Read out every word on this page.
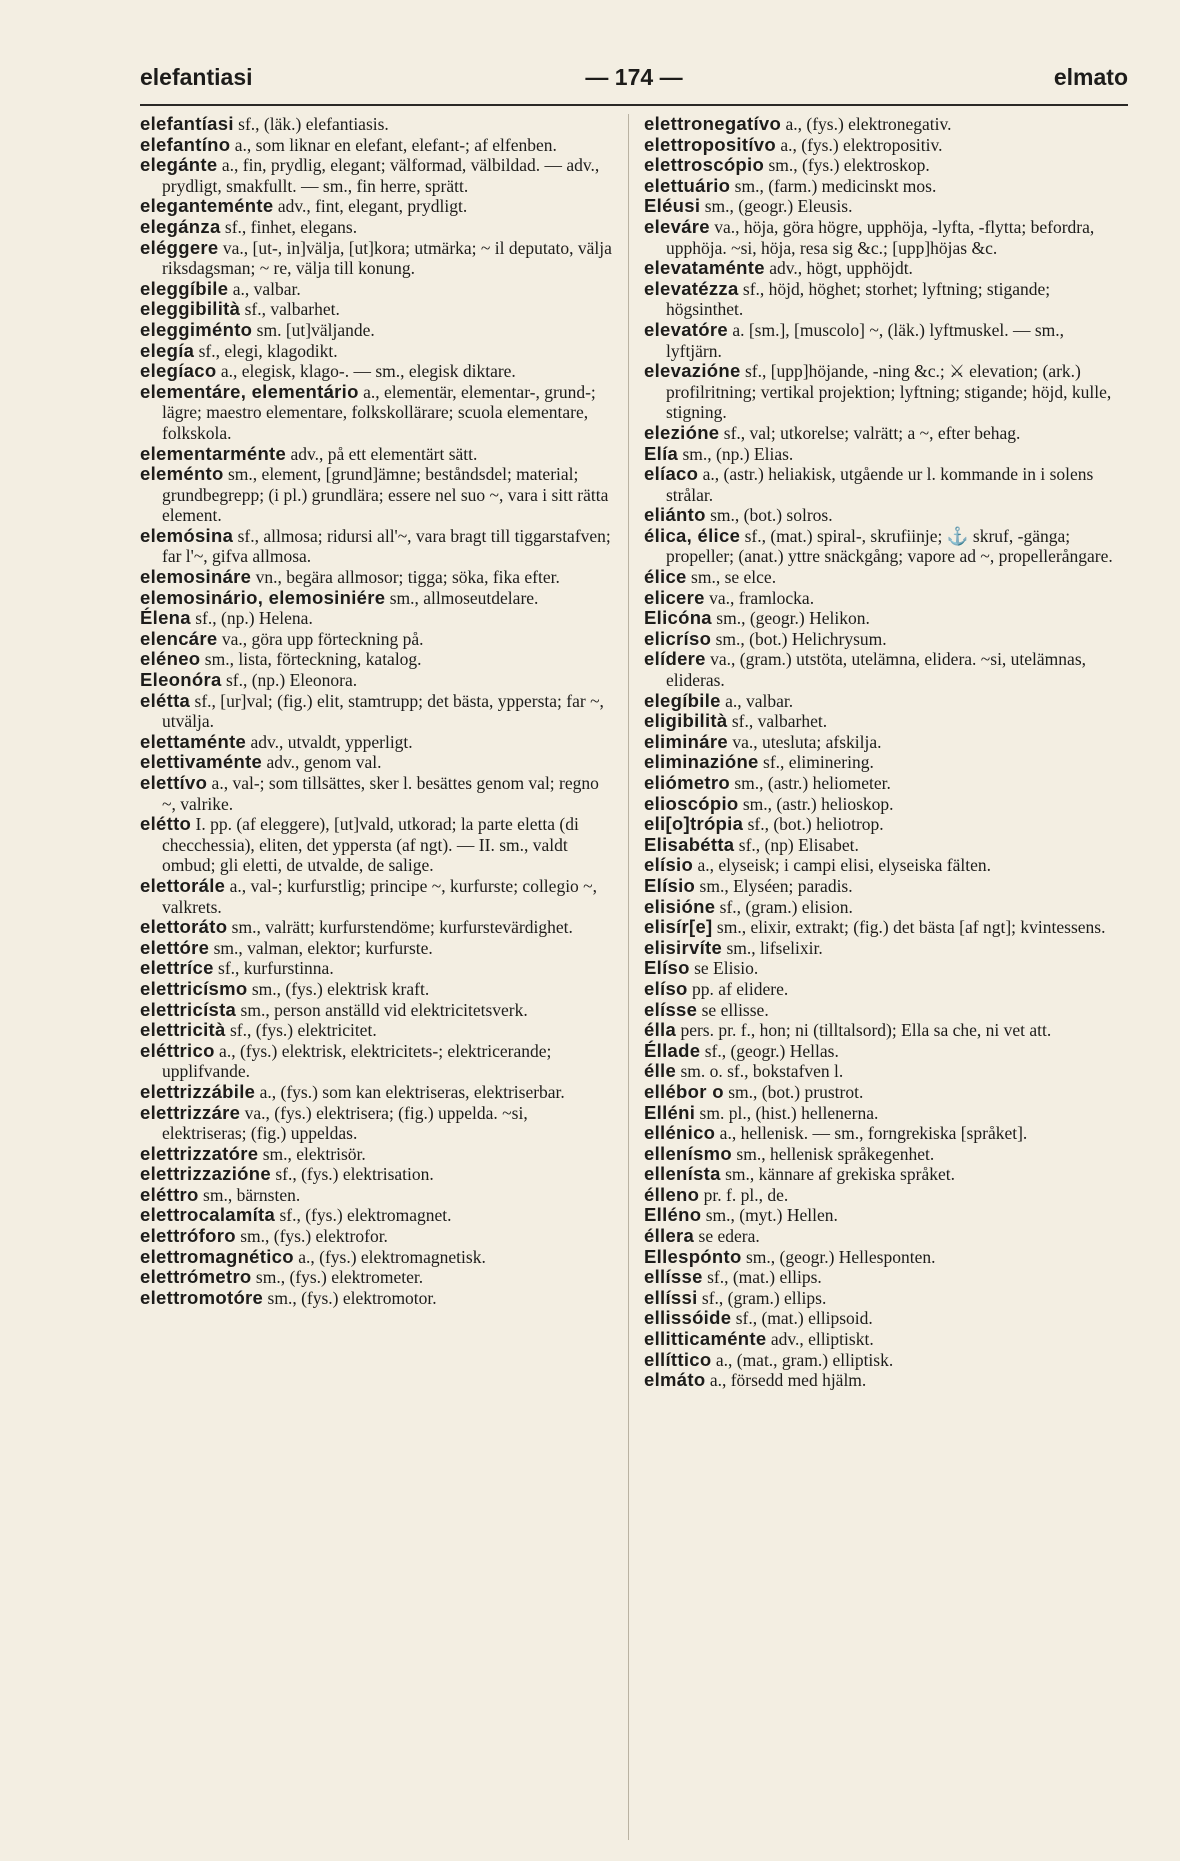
elefantiasi	— 174 —	elmato

elefantíasi sf., (läk.) elefantiasis.

elefantíno a., som liknar en elefant, elefant-; af elfenben.

elegánte a., fin, prydlig, elegant; välformad, välbildad. — adv., prydligt, smakfullt. — sm., fin herre, sprätt.

eleganteménte adv., fint, elegant, prydligt.

elegánza sf., finhet, elegans.

eléggere va., [ut-, in]välja, [ut]kora; utmärka; ~ il deputato, välja riksdagsman; ~ re, välja till konung.

eleggíbile a., valbar.

eleggibilità sf., valbarhet.

eleggiménto sm. [ut]väljande.

elegía sf., elegi, klagodikt.

elegíaco a., elegisk, klago-. — sm., elegisk diktare.

elementáre, elementário a., elementär, elementar-, grund-; lägre; maestro elementare, folkskollärare; scuola elementare, folkskola.

elementarménte adv., på ett elementärt sätt.

eleménto sm., element, [grund]ämne; beståndsdel; material; grundbegrepp; (i pl.) grundlära; essere nel suo ~, vara i sitt rätta element.

elemósina sf., allmosa; ridursi all'~, vara bragt till tiggarstafven; far l'~, gifva allmosa.

elemosináre vn., begära allmosor; tigga; söka, fika efter.

elemosinário, elemosiniére sm., allmoseutdelare.

Élena sf., (np.) Helena.

elencáre va., göra upp förteckning på.

eléneo sm., lista, förteckning, katalog.

Eleonóra sf., (np.) Eleonora.

elétta sf., [ur]val; (fig.) elit, stamtrupp; det bästa, yppersta; far ~, utvälja.

elettaménte adv., utvaldt, ypperligt.

elettivaménte adv., genom val.

elettívo a., val-; som tillsättes, sker l. besättes genom val; regno ~, valrike.

elétto I. pp. (af eleggere), [ut]vald, utkorad; la parte eletta (di checchessia), eliten, det yppersta (af ngt). — II. sm., valdt ombud; gli eletti, de utvalde, de salige.

elettorále a., val-; kurfurstlig; principe ~, kurfurste; collegio ~, valkrets.

elettoráto sm., valrätt; kurfurstendöme; kurfurstevärdighet.

elettóre sm., valman, elektor; kurfurste.

elettríce sf., kurfurstinna.

elettricísmo sm., (fys.) elektrisk kraft.

elettricísta sm., person anställd vid elektricitetsverk.

elettricità sf., (fys.) elektricitet.

eléttrico a., (fys.) elektrisk, elektricitets-; elektricerande; upplifvande.

elettrizzábile a., (fys.) som kan elektriseras, elektriserbar.

elettrizzáre va., (fys.) elektrisera; (fig.) uppelda. ~si, elektriseras; (fig.) uppeldas.

elettrizzatóre sm., elektrisör.

elettrizzazióne sf., (fys.) elektrisation.

eléttro sm., bärnsten.

elettrocalamíta sf., (fys.) elektromagnet.

elettróforo sm., (fys.) elektrofor.

elettromagnético a., (fys.) elektromagnetisk.

elettrómetro sm., (fys.) elektrometer.

elettromotóre sm., (fys.) elektromotor.

elettronegatívo a., (fys.) elektronegativ.

elettropositívo a., (fys.) elektropositiv.

elettroscópio sm., (fys.) elektroskop.

elettuário sm., (farm.) medicinskt mos.

Eléusi sm., (geogr.) Eleusis.

eleváre va., höja, göra högre, upphöja, -lyfta, -flytta; befordra, upphöja. ~si, höja, resa sig &c.; [upp]höjas &c.

elevataménte adv., högt, upphöjdt.

elevatézza sf., höjd, höghet; storhet; lyftning; stigande; högsinthet.

elevatóre a. [sm.], [muscolo] ~, (läk.) lyftmuskel. — sm., lyftjärn.

elevazióne sf., [upp]höjande, -ning &c.; ⚔ elevation; (ark.) profilritning; vertikal projektion; lyftning; stigande; höjd, kulle, stigning.

elezióne sf., val; utkorelse; valrätt; a ~, efter behag.

Elía sm., (np.) Elias.

elíaco a., (astr.) heliakisk, utgående ur l. kommande in i solens strålar.

eliánto sm., (bot.) solros.

élica, élice sf., (mat.) spiral-, skrufiinje; ⚓ skruf, -gänga; propeller; (anat.) yttre snäckgång; vapore ad ~, propellerångare.

élice sm., se elce.

elicere va., framlocka.

Elicóna sm., (geogr.) Helikon.

elicríso sm., (bot.) Helichrysum.

elídere va., (gram.) utstöta, utelämna, elidera. ~si, utelämnas, elideras.

elegíbile a., valbar.

eligibilità sf., valbarhet.

elimináre va., utesluta; afskilja.

eliminazióne sf., eliminering.

eliómetro sm., (astr.) heliometer.

elioscópio sm., (astr.) helioskop.

eli[o]trópia sf., (bot.) heliotrop.

Elisabétta sf., (np) Elisabet.

elísio a., elyseisk; i campi elisi, elyseiska fälten.

Elísio sm., Elyséen; paradis.

elisióne sf., (gram.) elision.

elisír[e] sm., elixir, extrakt; (fig.) det bästa [af ngt]; kvintessens.

elisirvíte sm., lifselixir.

Elíso se Elisio.

elíso pp. af elidere.

elísse se ellisse.

élla pers. pr. f., hon; ni (tilltalsord); Ella sa che, ni vet att.

Éllade sf., (geogr.) Hellas.

élle sm. o. sf., bokstafven l.

ellébor o sm., (bot.) prustrot.

Elléni sm. pl., (hist.) hellenerna.

ellénico a., hellenisk. — sm., forngrekiska [språket].

ellenísmo sm., hellenisk språkegenhet.

ellenísta sm., kännare af grekiska språket.

élleno pr. f. pl., de.

Elléno sm., (myt.) Hellen.

éllera se edera.

Ellespónto sm., (geogr.) Hellesponten.

ellísse sf., (mat.) ellips.

ellíssi sf., (gram.) ellips.

ellissóide sf., (mat.) ellipsoid.

ellitticaménte adv., elliptiskt.

ellíttico a., (mat., gram.) elliptisk.

elmáto a., försedd med hjälm.
